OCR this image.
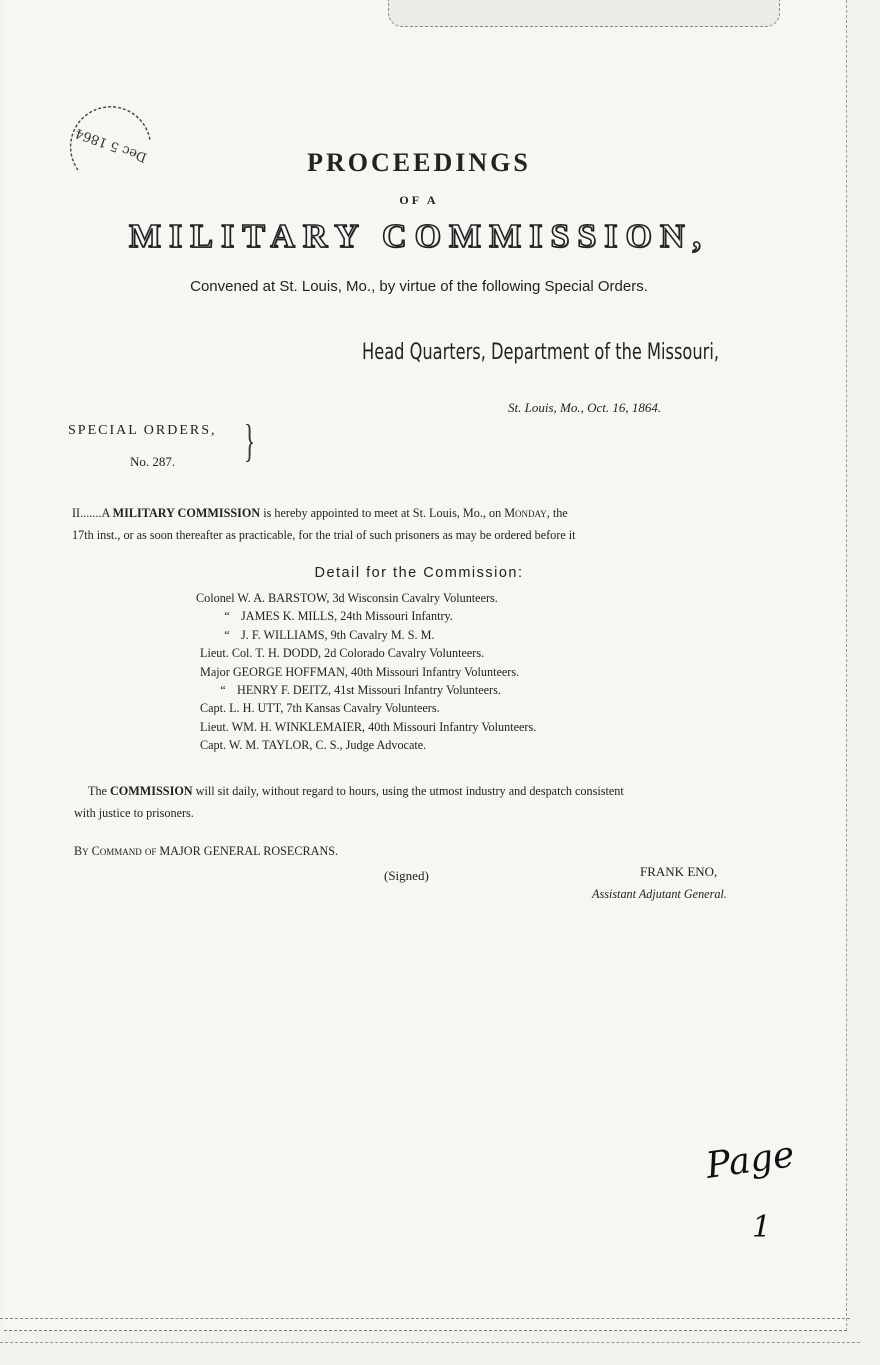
Dec 5 1864	PROCEEDINGS
OF A
MILITARY COMMISSION,
Convened at St. Louis, Mo., by virtue of the following Special Orders.
Head Quarters, Department of the Missouri,
St. Louis, Mo., Oct. 16, 1864.
SPECIAL ORDERS,
No. 287. }
II.......A MILITARY COMMISSION is hereby appointed to meet at St. Louis, Mo., on Monday, the
17th inst., or as soon thereafter as practicable, for the trial of such prisoners as may be ordered before it
Detail for the Commission:
Colonel W. A. BARSTOW, 3d Wisconsin Cavalry Volunteers.
“ JAMES K. MILLS, 24th Missouri Infantry.
“ J. F. WILLIAMS, 9th Cavalry M. S. M.
Lieut. Col. T. H. DODD, 2d Colorado Cavalry Volunteers.
Major GEORGE HOFFMAN, 40th Missouri Infantry Volunteers.
“ HENRY F. DEITZ, 41st Missouri Infantry Volunteers.
Capt. L. H. UTT, 7th Kansas Cavalry Volunteers.
Lieut. WM. H. WINKLEMAIER, 40th Missouri Infantry Volunteers.
Capt. W. M. TAYLOR, C. S., Judge Advocate.
The COMMISSION will sit daily, without regard to hours, using the utmost industry and despatch consistent
with justice to prisoners.
By Command of MAJOR GENERAL ROSECRANS.
(Signed)	FRANK ENO,
Assistant Adjutant General.
Page
1
